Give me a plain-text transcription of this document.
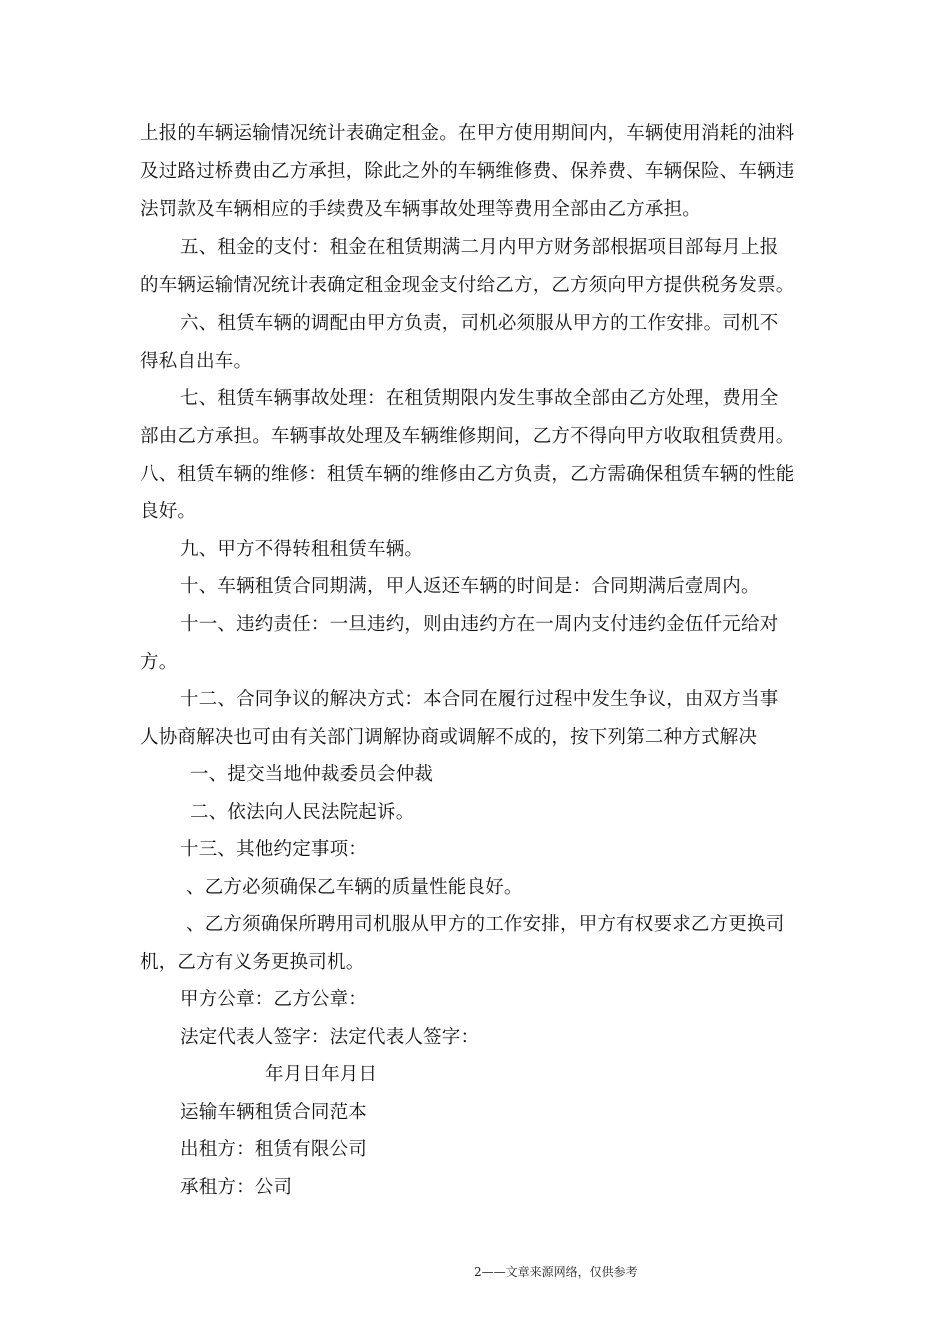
上报的车辆运输情况统计表确定租金。在甲方使用期间内，车辆使用消耗的油料
及过路过桥费由乙方承担，除此之外的车辆维修费、保养费、车辆保险、车辆违
法罚款及车辆相应的手续费及车辆事故处理等费用全部由乙方承担。
五、租金的支付：租金在租赁期满二月内甲方财务部根据项目部每月上报
的车辆运输情况统计表确定租金现金支付给乙方，乙方须向甲方提供税务发票。
六、租赁车辆的调配由甲方负责，司机必须服从甲方的工作安排。司机不
得私自出车。
七、租赁车辆事故处理：在租赁期限内发生事故全部由乙方处理，费用全
部由乙方承担。车辆事故处理及车辆维修期间，乙方不得向甲方收取租赁费用。
八、租赁车辆的维修：租赁车辆的维修由乙方负责，乙方需确保租赁车辆的性能
良好。
九、甲方不得转租租赁车辆。
十、车辆租赁合同期满，甲人返还车辆的时间是：合同期满后壹周内。
十一、违约责任：一旦违约，则由违约方在一周内支付违约金伍仟元给对
方。
十二、合同争议的解决方式：本合同在履行过程中发生争议，由双方当事
人协商解决也可由有关部门调解协商或调解不成的，按下列第二种方式解决
一、提交当地仲裁委员会仲裁
二、依法向人民法院起诉。
十三、其他约定事项：
、乙方必须确保乙车辆的质量性能良好。
、乙方须确保所聘用司机服从甲方的工作安排，甲方有权要求乙方更换司
机，乙方有义务更换司机。
甲方公章：乙方公章：
法定代表人签字：法定代表人签字：
年月日年月日
运输车辆租赁合同范本
出租方：租赁有限公司
承租方：公司
2——文章来源网络，仅供参考
